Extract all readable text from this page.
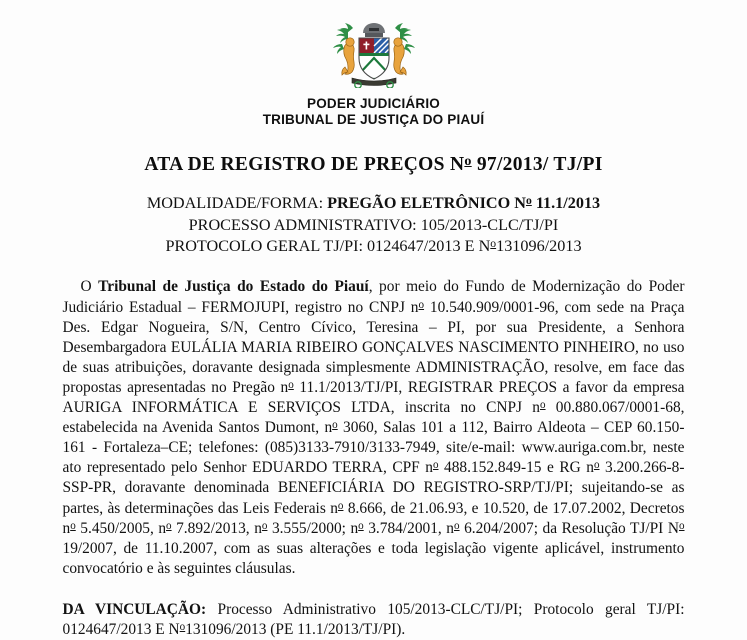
PODER JUDICIÁRIO
TRIBUNAL DE JUSTIÇA DO PIAUÍ
ATA DE REGISTRO DE PREÇOS $N^o$ 97/2013/ TJ/PI
MODALIDADE/FORMA: PREGÃO ELETRÔNICO $N^o$ 11.1/2013
PROCESSO ADMINISTRATIVO: 105/2013-CLC/TJ/PI
PROTOCOLO GERAL TJ/PI: 0124647/2013 E $N^o131096/2013$

O Tribunal de Justiça do Estado do Piauí, por meio do Fundo de Modernização do Poder Judiciário Estadual – FERMOJUPI, registro no CNPJ $n^o$ 10.540.909/0001-96, com sede na Praça Des. Edgar Nogueira, S/N, Centro Cívico, Teresina – PI, por sua Presidente, a Senhora Desembargadora EULÁLIA MARIA RIBEIRO GONÇALVES NASCIMENTO PINHEIRO, no uso de suas atribuições, doravante designada simplesmente ADMINISTRAÇÃO, resolve, em face das propostas apresentadas no Pregão $n^o$ 11.1/2013/TJ/PI, REGISTRAR PREÇOS a favor da empresa AURIGA INFORMÁTICA E SERVIÇOS LTDA, inscrita no CNPJ $n^o$ 00.880.067/0001-68, estabelecida na Avenida Santos Dumont, $n^o$ 3060, Salas 101 a 112, Bairro Aldeota – CEP 60.150-161 - Fortaleza–CE; telefones: (085)3133-7910/3133-7949, site/e-mail: www.auriga.com.br, neste ato representado pelo Senhor EDUARDO TERRA, CPF $n^o$ 488.152.849-15 e RG $n^o$ 3.200.266-8-SSP-PR, doravante denominada BENEFICIÁRIA DO REGISTRO-SRP/TJ/PI; sujeitando-se as partes, às determinações das Leis Federais $n^o$ 8.666, de 21.06.93, e 10.520, de 17.07.2002, Decretos $n^o$ 5.450/2005, $n^o$ 7.892/2013, $n^o$ 3.555/2000; $n^o$ 3.784/2001, $n^o$ 6.204/2007; da Resolução TJ/PI $N^o$ 19/2007, de 11.10.2007, com as suas alterações e toda legislação vigente aplicável, instrumento convocatório e às seguintes cláusulas.

DA VINCULAÇÃO: Processo Administrativo 105/2013-CLC/TJ/PI; Protocolo geral TJ/PI: 0124647/2013 E $N^o131096/2013$ (PE 11.1/2013/TJ/PI).
